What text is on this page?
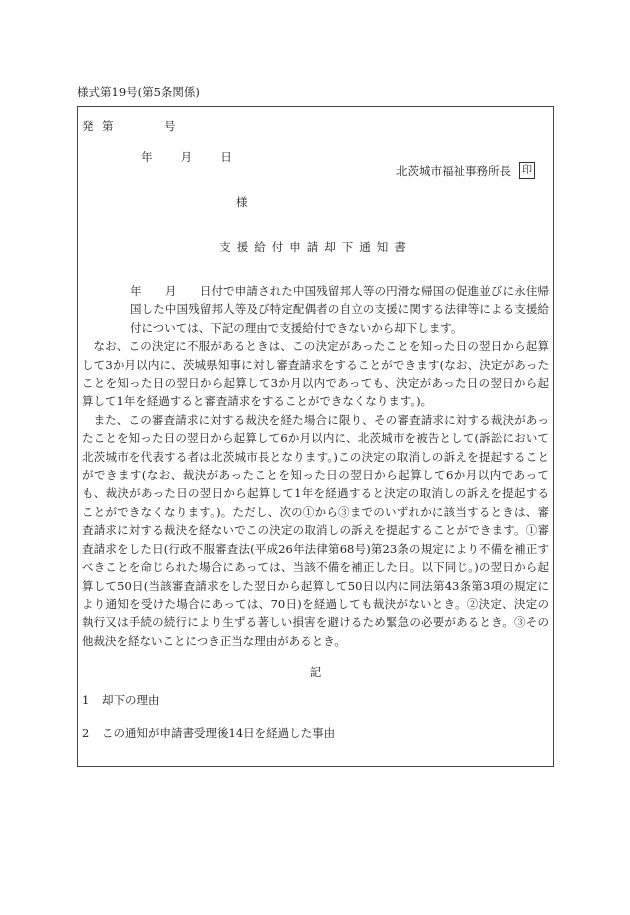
様式第19号(第5条関係)
発 第	号
年 月 日
北茨城市福祉事務所長	印
様
支援給付申請却下通知書

年　　月　　日付で申請された中国残留邦人等の円滑な帰国の促進並びに永住帰国した中国残留邦人等及び特定配偶者の自立の支援に関する法律等による支援給付については、下記の理由で支援給付できないから却下します。

なお、この決定に不服があるときは、この決定があったことを知った日の翌日から起算して3か月以内に、茨城県知事に対し審査請求をすることができます(なお、決定があったことを知った日の翌日から起算して3か月以内であっても、決定があった日の翌日から起算して1年を経過すると審査請求をすることができなくなります。)。

また、この審査請求に対する裁決を経た場合に限り、その審査請求に対する裁決があったことを知った日の翌日から起算して6か月以内に、北茨城市を被告として(訴訟において北茨城市を代表する者は北茨城市長となります。)この決定の取消しの訴えを提起することができます(なお、裁決があったことを知った日の翌日から起算して6か月以内であっても、裁決があった日の翌日から起算して1年を経過すると決定の取消しの訴えを提起することができなくなります。)。ただし、次の①から③までのいずれかに該当するときは、審査請求に対する裁決を経ないでこの決定の取消しの訴えを提起することができます。①審査請求をした日(行政不服審査法(平成26年法律第68号)第23条の規定により不備を補正すべきことを命じられた場合にあっては、当該不備を補正した日。以下同じ。)の翌日から起算して50日(当該審査請求をした翌日から起算して50日以内に同法第43条第3項の規定により通知を受けた場合にあっては、70日)を経過しても裁決がないとき。②決定、決定の執行又は手続の続行により生ずる著しい損害を避けるため緊急の必要があるとき。③その他裁決を経ないことにつき正当な理由があるとき。

記
1 却下の理由
2 この通知が申請書受理後14日を経過した事由
